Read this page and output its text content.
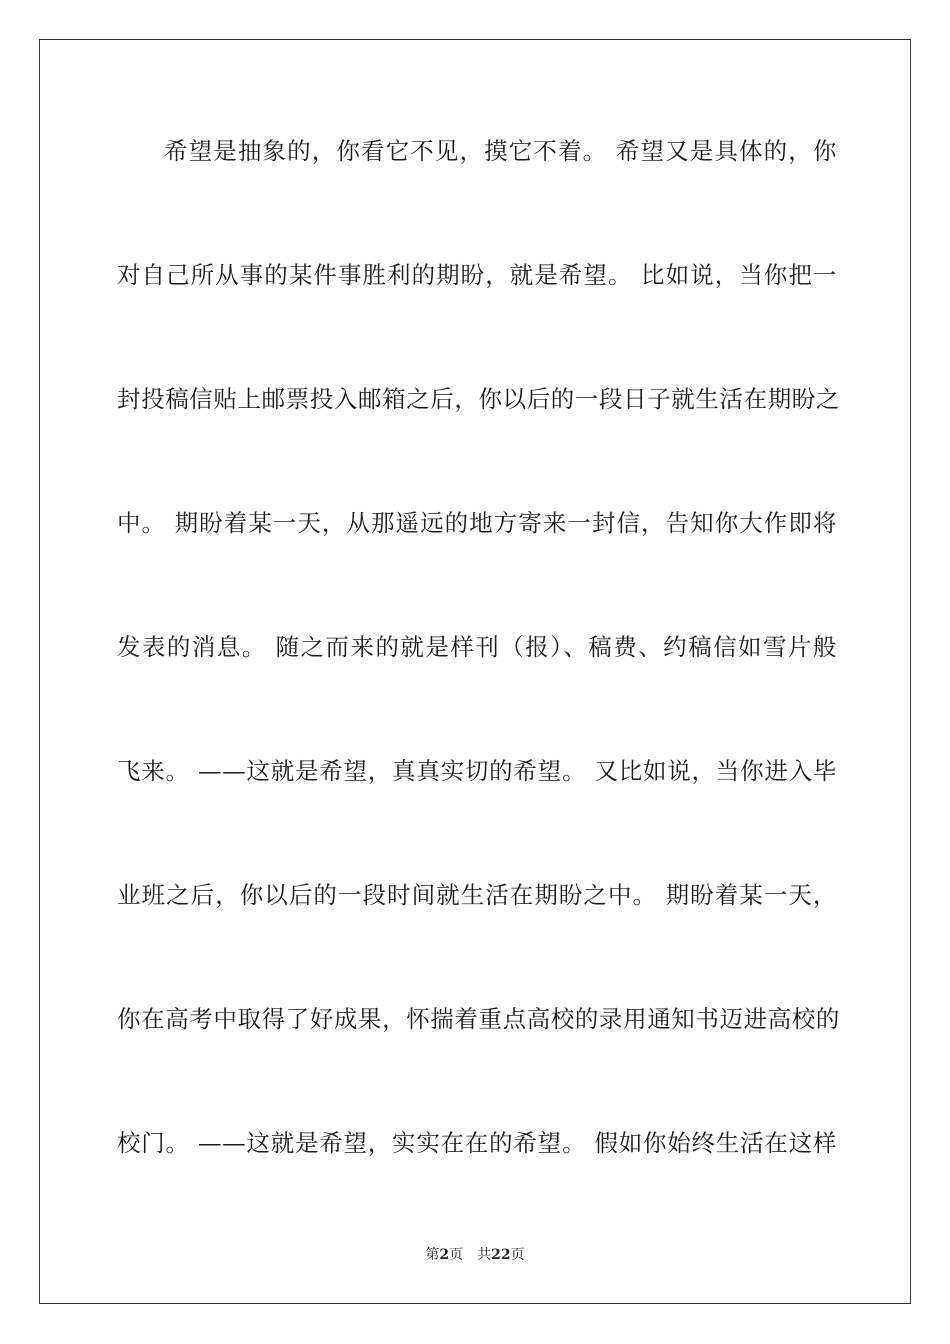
希望是抽象的，你看它不见，摸它不着。 希望又是具体的，你
对自己所从事的某件事胜利的期盼，就是希望。 比如说，当你把一
封投稿信贴上邮票投入邮箱之后，你以后的一段日子就生活在期盼之
中。 期盼着某一天，从那遥远的地方寄来一封信，告知你大作即将
发表的消息。 随之而来的就是样刊（报）、稿费、约稿信如雪片般
飞来。 ——这就是希望，真真实切的希望。 又比如说，当你进入毕
业班之后，你以后的一段时间就生活在期盼之中。 期盼着某一天，
你在高考中取得了好成果，怀揣着重点高校的录用通知书迈进高校的
校门。 ——这就是希望，实实在在的希望。 假如你始终生活在这样
第2页 共22页
